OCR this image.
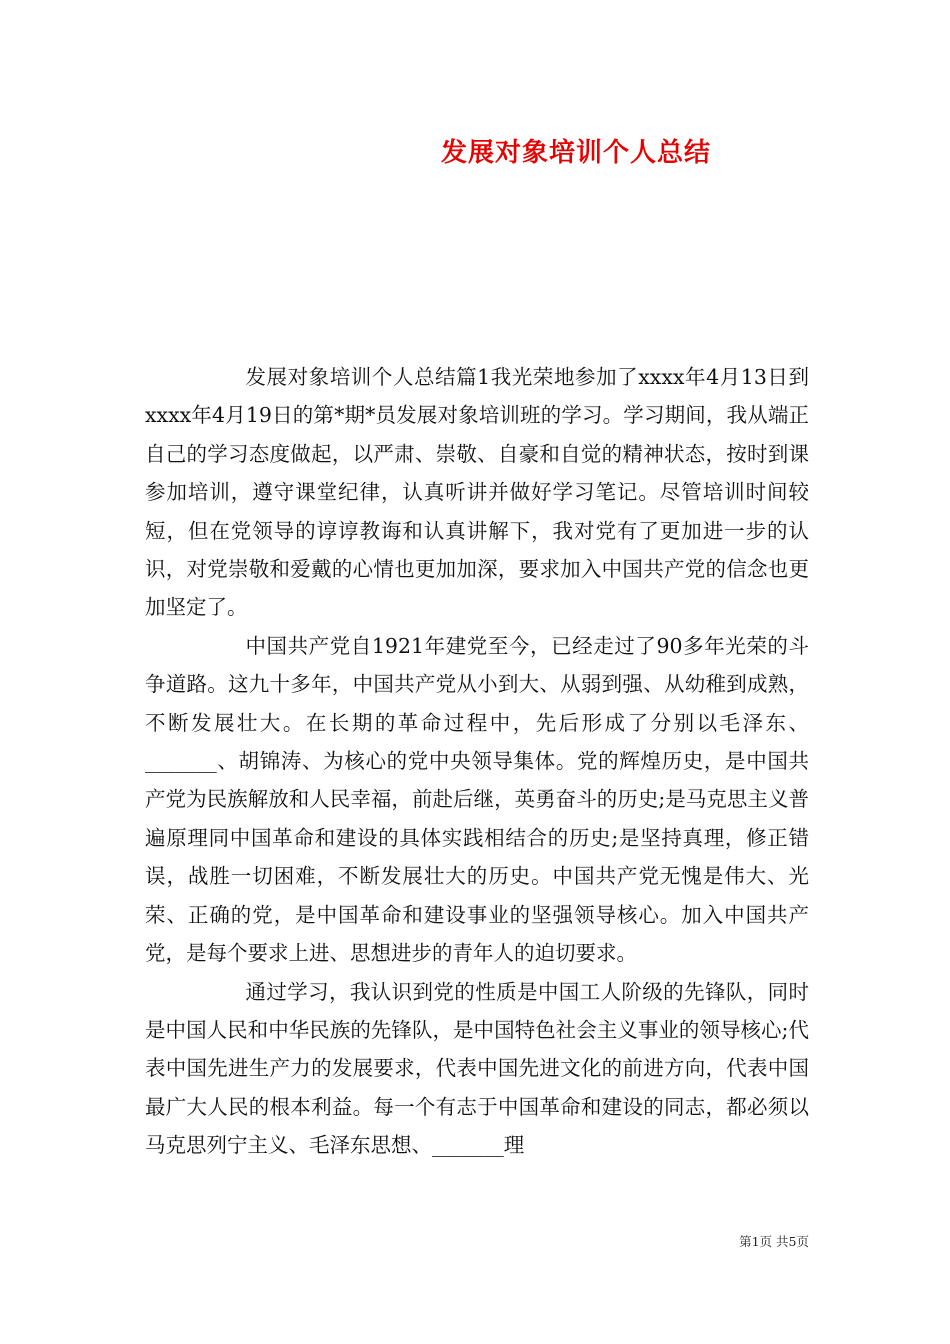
发展对象培训个人总结

发展对象培训个人总结篇1我光荣地参加了xxxx年4月13日到xxxx年4月19日的第*期*员发展对象培训班的学习。学习期间，我从端正自己的学习态度做起，以严肃、崇敬、自豪和自觉的精神状态，按时到课参加培训，遵守课堂纪律，认真听讲并做好学习笔记。尽管培训时间较短，但在党领导的谆谆教诲和认真讲解下，我对党有了更加进一步的认识，对党崇敬和爱戴的心情也更加加深，要求加入中国共产党的信念也更加坚定了。

中国共产党自1921年建党至今，已经走过了90多年光荣的斗争道路。这九十多年，中国共产党从小到大、从弱到强、从幼稚到成熟，不断发展壮大。在长期的革命过程中，先后形成了分别以毛泽东、_______、胡锦涛、为核心的党中央领导集体。党的辉煌历史，是中国共产党为民族解放和人民幸福，前赴后继，英勇奋斗的历史;是马克思主义普遍原理同中国革命和建设的具体实践相结合的历史;是坚持真理，修正错误，战胜一切困难，不断发展壮大的历史。中国共产党无愧是伟大、光荣、正确的党，是中国革命和建设事业的坚强领导核心。加入中国共产党，是每个要求上进、思想进步的青年人的迫切要求。

通过学习，我认识到党的性质是中国工人阶级的先锋队，同时是中国人民和中华民族的先锋队，是中国特色社会主义事业的领导核心;代表中国先进生产力的发展要求，代表中国先进文化的前进方向，代表中国最广大人民的根本利益。每一个有志于中国革命和建设的同志，都必须以马克思列宁主义、毛泽东思想、_______理

第1页 共5页
